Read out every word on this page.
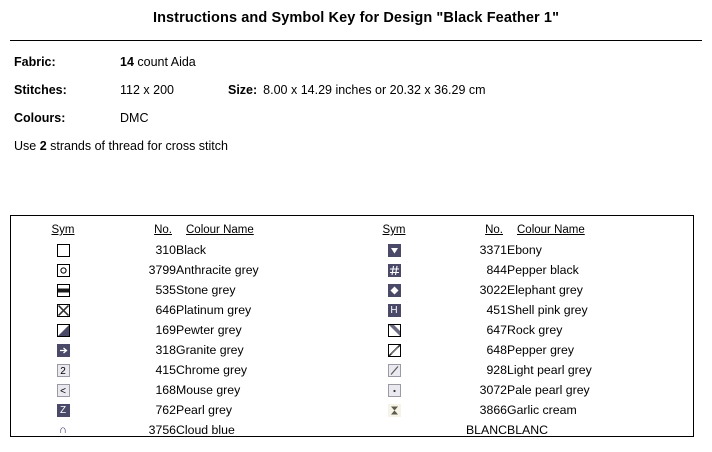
Instructions and Symbol Key for Design "Black Feather 1"
Fabric:	14 count Aida
Stitches:	112 x 200	Size: 8.00 x 14.29 inches or 20.32 x 36.29 cm
Colours:	DMC
Use 2 strands of thread for cross stitch
Sym	No.	Colour Name
	310	Black

	3799	Anthracite grey

	535	Stone grey

	646	Platinum grey

	169	Pewter grey

	318	Granite grey
2	415	Chrome grey
<	168	Mouse grey
Z	762	Pearl grey
∩	3756	Cloud blue
Sym	No.	Colour Name

	3371	Ebony

	844	Pepper black

	3022	Elephant grey
H	451	Shell pink grey

	647	Rock grey

	648	Pepper grey

	928	Light pearl grey

	3072	Pale pearl grey

	3866	Garlic cream
	BLANC	BLANC
